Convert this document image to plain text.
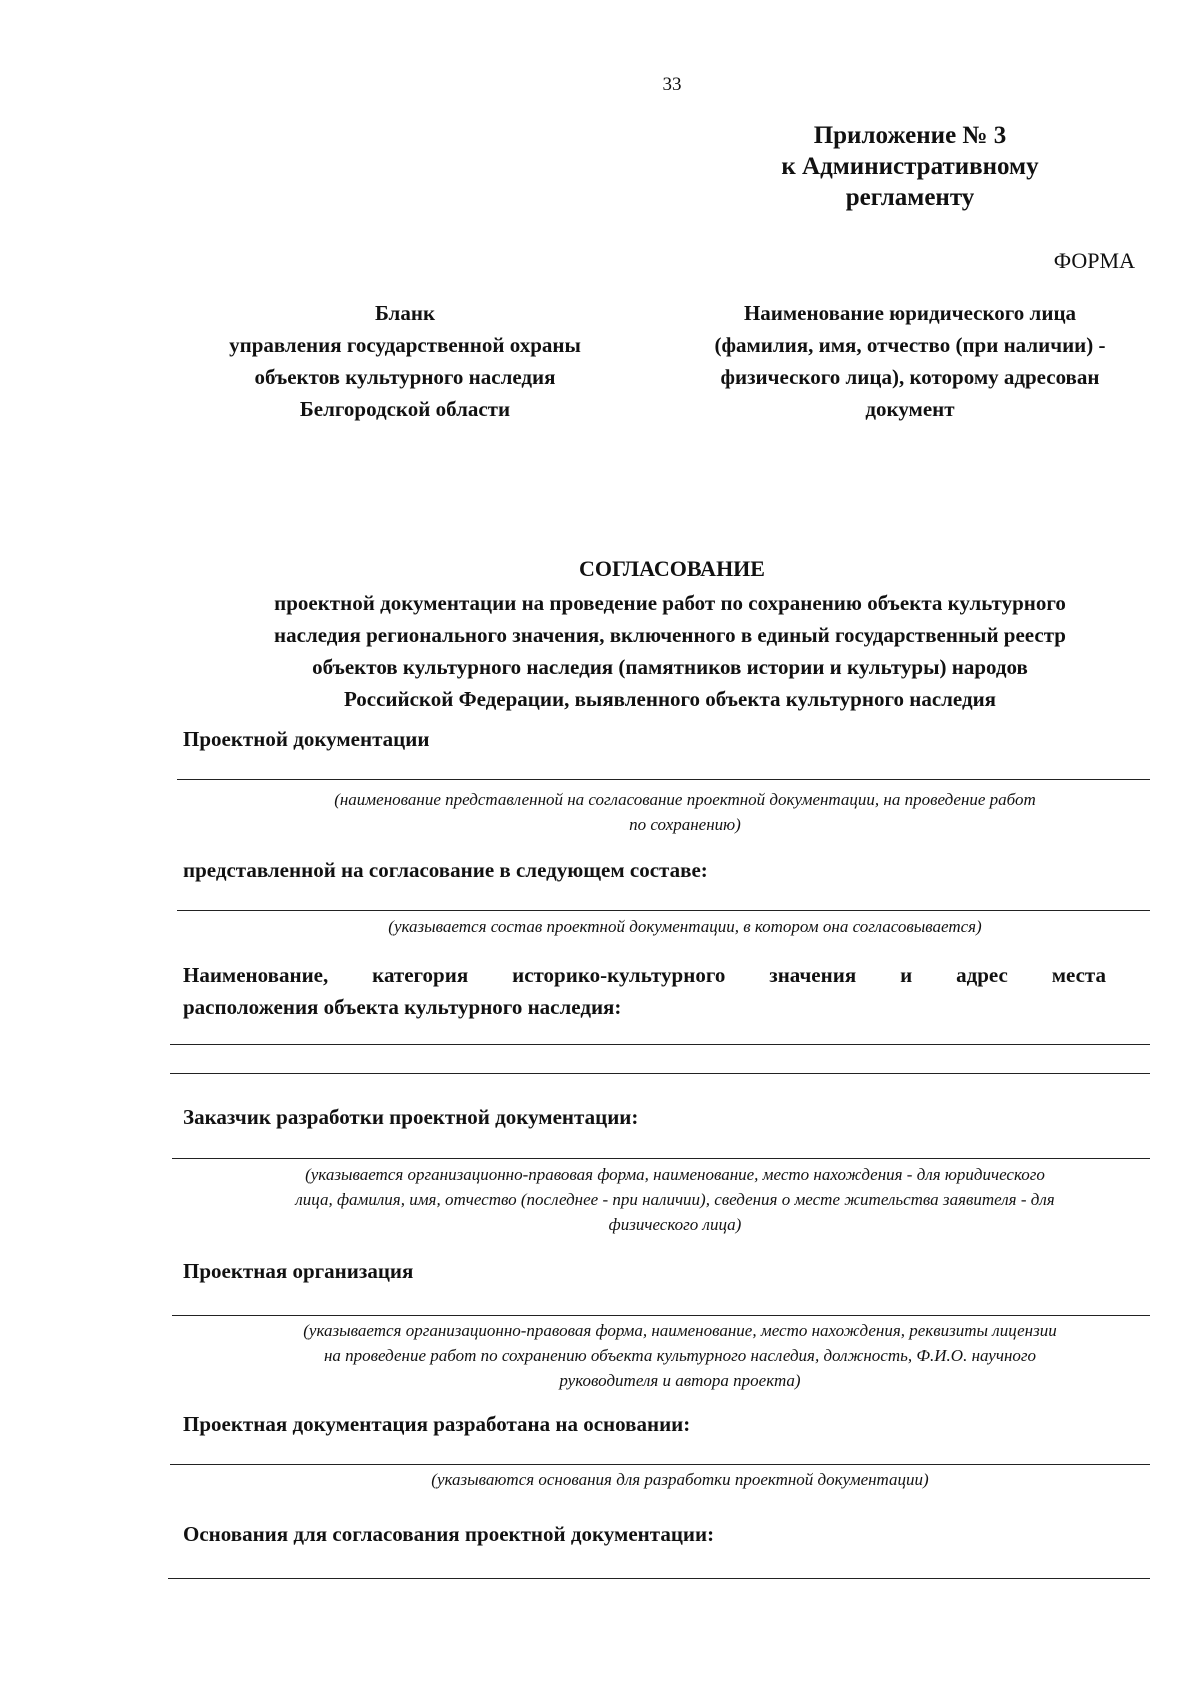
33
Приложение № 3
к Административному
регламенту
ФОРМА
Бланк
управления государственной охраны
объектов культурного наследия
Белгородской области
Наименование юридического лица
(фамилия, имя, отчество (при наличии) -
физического лица), которому адресован
документ
СОГЛАСОВАНИЕ
проектной документации на проведение работ по сохранению объекта культурного
наследия регионального значения, включенного в единый государственный реестр
объектов культурного наследия (памятников истории и культуры) народов
Российской Федерации, выявленного объекта культурного наследия
Проектной документации
(наименование представленной на согласование проектной документации, на проведение работ
по сохранению)
представленной на согласование в следующем составе:
(указывается состав проектной документации, в котором она согласовывается)
Наименование, категория историко-культурного значения и адрес места
расположения объекта культурного наследия:
Заказчик разработки проектной документации:
(указывается организационно-правовая форма, наименование, место нахождения - для юридического
лица, фамилия, имя, отчество (последнее - при наличии), сведения о месте жительства заявителя - для
физического лица)
Проектная организация
(указывается организационно-правовая форма, наименование, место нахождения, реквизиты лицензии
на проведение работ по сохранению объекта культурного наследия, должность, Ф.И.О. научного
руководителя и автора проекта)
Проектная документация разработана на основании:
(указываются основания для разработки проектной документации)
Основания для согласования проектной документации:
